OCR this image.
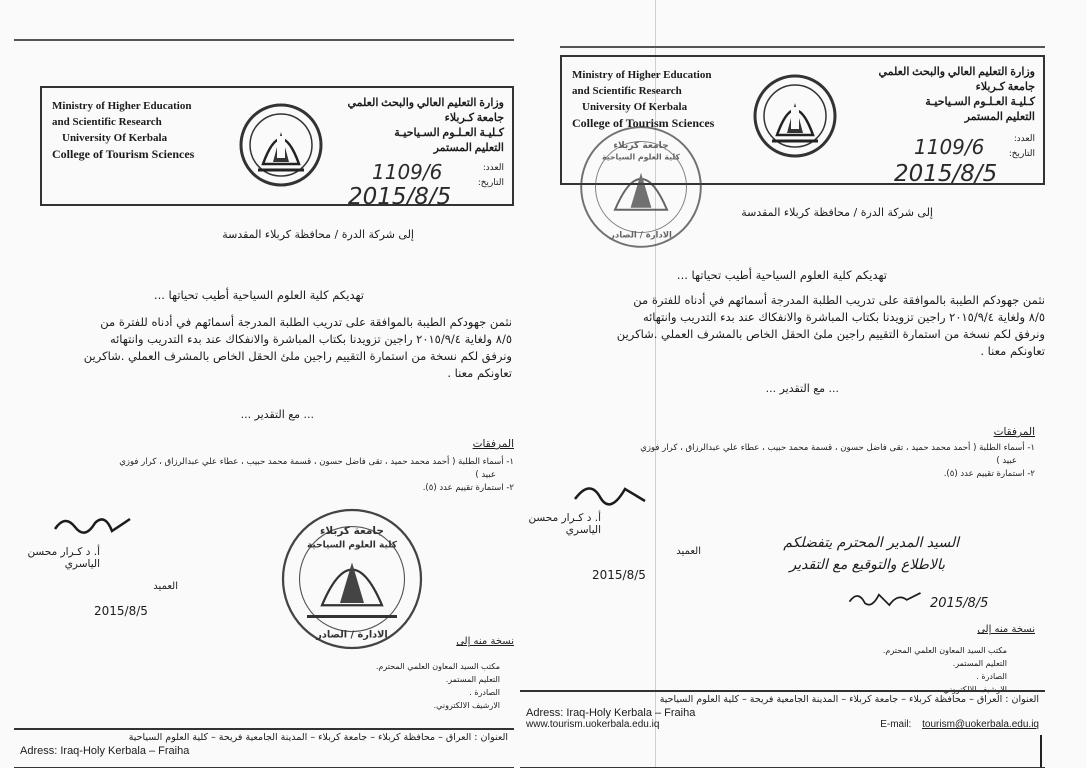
Ministry of Higher Education
and Scientific Research
University Of Kerbala
College of Tourism Sciences
وزارة التعليم العالي والبحث العلمي
جامعة كـربلاء
كـليـة العـلـوم السـياحيـة
التعليم المستمر
العدد:
التاريخ:
1109/6
2015/8/5
إلى شركة الدرة / محافظة كربلاء المقدسة
تهديكم كلية العلوم السياحية أطيب تحياتها ...
نثمن جهودكم الطيبة بالموافقة على تدريب الطلبة المدرجة أسمائهم في أدناه للفترة من
٨/٥ ولغاية ٢٠١٥/٩/٤ راجين تزويدنا بكتاب المباشرة والانفكاك عند بدء التدريب وانتهائه
ونرفق لكم نسخة من استمارة التقييم راجين ملئ الحقل الخاص بالمشرف العملي .شاكرين
تعاونكم معنا .
... مع التقدير ...
المرفقات
١- أسماء الطلبة ( أحمد محمد حميد ، تقى فاضل حسون ، قسمة محمد حبيب ، عطاء علي عبدالرزاق ، كرار فوزي
عبيد )
٢- استمارة تقييم عدد (٥).
جامعة كربلاء
كلية العلوم السياحية
الادارة / الصادر
أ. د كـرار محسن الياسري
العميد
2015/8/5
نسخة منه إلى
مكتب السيد المعاون العلمي المحترم.
التعليم المستمر.
الصادرة .
الارشيف الالكتروني.
العنوان : العراق – محافظة كربلاء – جامعة كربلاء – المدينة الجامعية فريحة – كلية العلوم السياحية
Adress: Iraq-Holy Kerbala – Fraiha
Ministry of Higher Education
and Scientific Research
University Of Kerbala
College of Tourism Sciences
وزارة التعليم العالي والبحث العلمي
جامعة كـربلاء
كـليـة العـلـوم السـياحيـة
التعليم المستمر
العدد:
التاريخ:
1109/6
2015/8/5
جامعة كربلاء
كلية العلوم السياحية
الادارة / الصادر
إلى شركة الدرة / محافظة كربلاء المقدسة
تهديكم كلية العلوم السياحية أطيب تحياتها ...
نثمن جهودكم الطيبة بالموافقة على تدريب الطلبة المدرجة أسمائهم في أدناه للفترة من
٨/٥ ولغاية ٢٠١٥/٩/٤ راجين تزويدنا بكتاب المباشرة والانفكاك عند بدء التدريب وانتهائه
ونرفق لكم نسخة من استمارة التقييم راجين ملئ الحقل الخاص بالمشرف العملي .شاكرين
تعاونكم معنا .
... مع التقدير ...
المرفقات
١- أسماء الطلبة ( أحمد محمد حميد ، تقى فاضل حسون ، قسمة محمد حبيب ، عطاء علي عبدالرزاق ، كرار فوزي
عبيد )
٢- استمارة تقييم عدد (٥).
أ. د كـرار محسن الياسري
العميد
2015/8/5
السيد المدير المحترم يتفضلكم
بالاطلاع والتوقيع مع التقدير
2015/8/5
نسخة منه إلى
مكتب السيد المعاون العلمي المحترم.
التعليم المستمر.
الصادرة .
الارشيف الالكتروني.
العنوان : العراق – محافظة كربلاء – جامعة كربلاء – المدينة الجامعية فريحة – كلية العلوم السياحية
Adress: Iraq-Holy Kerbala – Fraiha
www.tourism.uokerbala.edu.iq	E-mail: tourism@uokerbala.edu.iq
